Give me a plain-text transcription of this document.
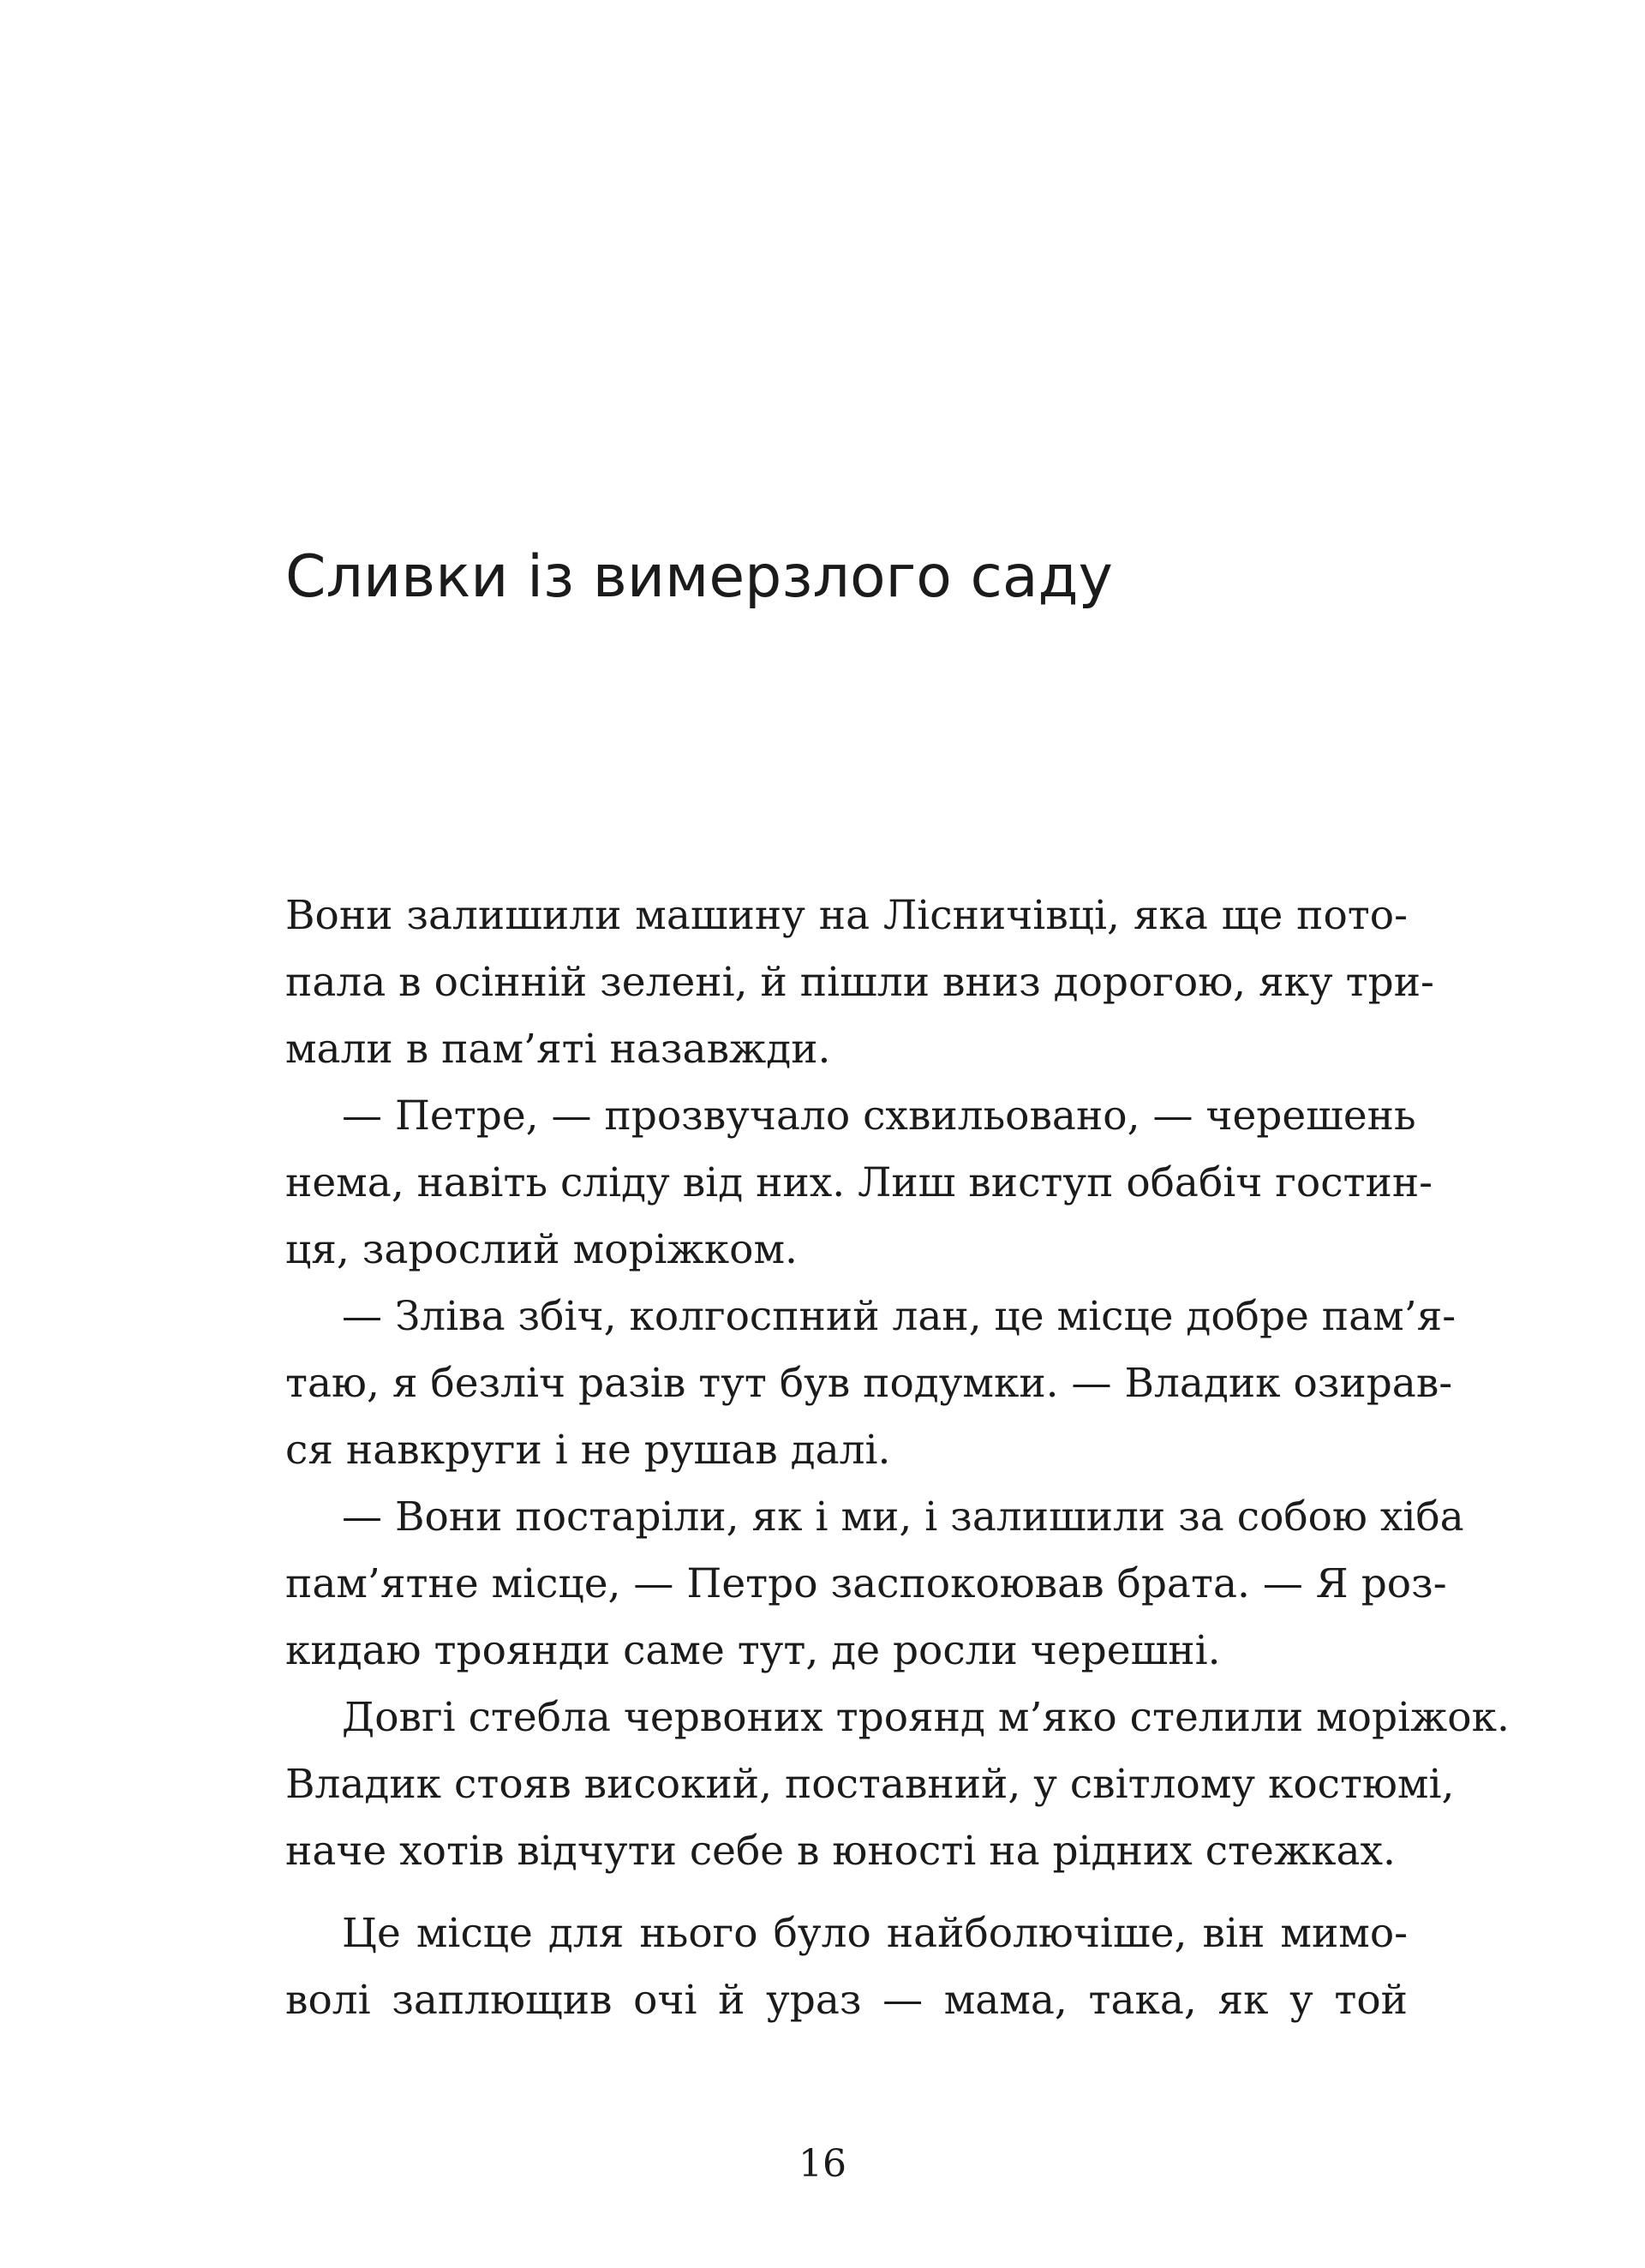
Сливки із вимерзлого саду
Вони залишили машину на Лісничівці, яка ще пото-
пала в осінній зелені, й пішли вниз дорогою, яку три-
мали в пам’яті назавжди.
— Петре, — прозвучало схвильовано, — черешень
нема, навіть сліду від них. Лиш виступ обабіч гостин-
ця, зарослий моріжком.
— Зліва збіч, колгоспний лан, це місце добре пам’я-
таю, я безліч разів тут був подумки. — Владик озирав-
ся навкруги і не рушав далі.
— Вони постаріли, як і ми, і залишили за собою хіба
пам’ятне місце, — Петро заспокоював брата. — Я роз-
кидаю троянди саме тут, де росли черешні.
Довгі стебла червоних троянд м’яко стелили моріжок.
Владик стояв високий, поставний, у світлому костюмі,
наче хотів відчути себе в юності на рідних стежках.
Це місце для нього було найболючіше, він мимо-
волі заплющив очі й ураз — мама, така, як у той
16
